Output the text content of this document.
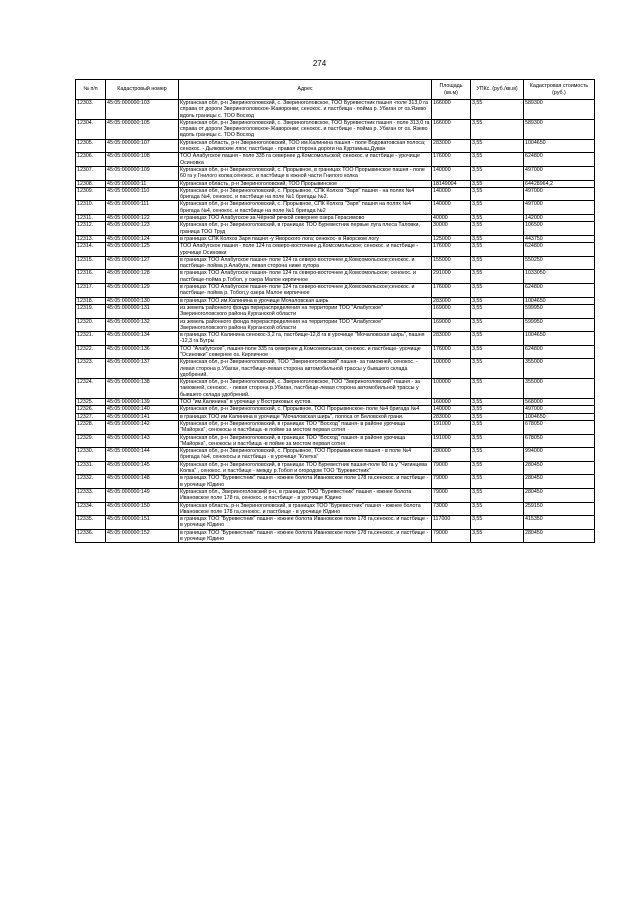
274
№ п/п	Кадастровый номер	Адрес	Площадь (кв.м)	УПКс. (руб./кв.м)	Кадастровая стоимость (руб.)
12303.	45:05:000000:103	Курганская обл, р-н Звериноголовский, с. Звериноголовское, ТОО Буревестник пашня -поле 313,0 га справа от дороги Звериноголовское-Жаворонки; сенокос. и пастбища - пойма р. Убаган от оз.Язево вдоль границы с. ТОО Восход	166000	3,55	589300
12304.	45:05:000000:105	Курганская обл, р-н Звериноголовский, с. Звериноголовское, ТОО Буревестник пашня - поле 313,0 га справа от дороги Звериноголовское-Жаворонки; сенокос. и пастбище - пойма р. Убаган от оз. Язево вдоль границы с. ТОО Восход	166000	3,55	589300
12305.	45:05:000000:107	Курганская область, р-н Звериноголовский, ТОО им.Калинина пашня - поле Водоватовская полоса; сенокос. - Дьяковские ляги; пастбище - правая сторона дороги на Куртамыш,Дуван	283000	3,55	1004650
12306.	45:05:000000:108	ТОО Алабугское пашня - поле 335 га севернее д.Комсомольской; сенокос. и пастбище - урочище Осиновка	176000	3,55	624800
12307.	45:05:000000:109	Курганская обл, р-н Звериноголовский, с. Прорывное, в границах ТОО Прорывинское пашня - поле 60 га у Гнилого колка;сенокос. и пастбище в южной части Гнилого колка	140000	3,55	497000
12308.	45:05:000000:11	Курганская область, р-н Звериноголовский, ТОО Прорывинское	18149004	3,55	64428964,2
12309.	45:05:000000:110	Курганская обл, р-н Звериноголовский, с. Прорывное, СПК Колхоз "Заря" пашня - на полях №4 бригада №4, сенокос. и пастбище на поле №1 бригады №2.	140000	3,55	497000
12310.	45:05:000000:111	Курганская обл, р-н Звериноголовский, с. Прорывное, СПК Колхоз "Заря" пашня на полях №4 бригада №4, сенокос. и пастбище на поле №1 бригада №2	140000	3,55	497000
12311.	45:05:000000:122	в границах ТОО Алабугское за Чёрной речкой севернее озера Герасимово	40000	3,55	142000
12312.	45:05:000000:123	Курганская обл, р-н Звериноголовский, в границах ТОО Буревестник первые луга плеса Таловки, граница ТОО Труд	30000	3,55	106500
12313.	45:05:000000:124	в границах СПК Колхоз Заря пашня -у Яворского лога; сенокос- в Яворском логу	125000	3,55	443750
12314.	45:05:000000:125	ТОО Алабугское пашня - поле 124 га северо-восточнее д.Комсомольское; сенокос. и пастбище - урочище Осиновки	176000	3,55	624800
12315.	45:05:000000:127	в границах ТОО Алабугское пашня- поле 124 га северо-восточнее д.Комсомольское;сенокос. и пастбище- пойма р.Алабуга, левая сторона ниже хутора	155000	3,55	550250
12316.	45:05:000000:128	в границах ТОО Алабугское пашня- поле 124 га северо-восточнее д.Комсомольское; сенокос. и пастбище-пойма р.Тобол, у озера Малое кирпичное	291000	3,55	1033050
12317.	45:05:000000:129	в границах ТОО Алабугское пашня- поле 124 га северо-восточнее д.Комсомольское;сенокос. и пастбище- пойма р. Тобол,у озера Малое кирпичное	176000	3,55	624800
12318.	45:05:000000:130	в границах ТОО им.Калинина в урочище Мочаловская ширь	283000	3,55	1004650
12319.	45:05:000000:131	из земель районного фонда перераспределения на территории ТОО "Алабугское" Звериноголовского района Курганской области	169000	3,55	599950
12320.	45:05:000000:132	из земель районного фонда перераспределения на территории ТОО "Алабугское" Звериноголовского района Курганской области	169000	3,55	599950
12321.	45:05:000000:134	в границах ТОО Калинина сенокос-3,2 га, пастбище-12,8 га в урочище "Мочаловская ширь", пашня -12,3 га Бугры	283000	3,55	1004650
12322.	45:05:000000:136	ТОО "Алабугское", пашня-поле 335 га севернее д.Комсомольская, сенокос. и пастбище- урочище "Осиновки" севернее оз. Кирпичное	176000	3,55	624800
12323.	45:05:000000:137	Курганская обл, р-н Звериноголовский, ТОО "Звериноголовский" пашня- за таможней, сенокос. - левая сторона р.Убаган, пастбище-левая сторона автомобильной трассы у бывшего склада удобрений.	100000	3,55	355000
12324.	45:05:000000:138	Курганская обл, р-н Звериноголовский, с. Звериноголовское, ТОО "Звериноголовский" пашня - за таможней, сенокос. - левая сторона р.Убаган, пастбище-левая сторона автомобильной трассы у бывшего склада удобрений.	100000	3,55	355000
12325.	45:05:000000:139	ТОО "им.Калинина" в урочище у Востриковых кустов.	160000	3,55	568000
12326.	45:05:000000:140	Курганская обл, р-н Звериноголовский, с. Прорывное, ТОО Прорывинское- поле №4 бригада №4	140000	3,55	497000
12327.	45:05:000000:141	в границах ТОО им Калинина в урочище "Мочаловская ширь", полоса от Беловской грани.	283000	3,55	1004650
12328.	45:05:000000:142	Курганская обл, р-н Звериноголовский, в границах ТОО "Восход" пашня- в районе урочища "Майорка", сенокосы и пастбища -в пойме за мостом первая сотня	191000	3,55	678050
12329.	45:05:000000:143	Курганская обл, р-н Звериноголовский, в границах ТОО "Восход" пашня- в районе урочища "Майорка", сенокосы и пастбища -в пойме за мостом первая сотня	191000	3,55	678050
12330.	45:05:000000:144	Курганская обл, р-н Звериноголовский, с. Прорывное, ТОО Прорывинское пашня - в поле №4 бригада №4, сенокосы и пастбища - в урочище "Клетка"	280000	3,55	994000
12331.	45:05:000000:145	Курганская обл, р-н Звериноголовский, в границах ТОО Буревестник пашня-поле 60 га у "Чигинцева Колка" , сенокос. и пастбище - между р.Тобол и огородом ТОО "Буревестник"	79000	3,55	280450
12332.	45:05:000000:148	в границах ТОО "Буревестник" пашня - южнее болота Ивановское поле 178 га,сенокос. и пастбище - в урочище Юдино	79000	3,55	280450
12333.	45:05:000000:149	Курганская обл., Звериноголовский р-н, в границах ТОО "Буревестник" пашня - южнее болота Ивановское поле 178 га, сенокос. и пастбище - в урочище Юдино	79000	3,55	280450
12334.	45:05:000000:150	Курганская область, р-н Звериноголовский, в границах ТОО "Буревестник" пашня - южнее болота Ивановское поле 178 га,сенокос. и пастбище - в урочище Юдино	73000	3,55	259150
12335.	45:05:000000:151	в границах ТОО "Буревестник" пашня - южнее болота Ивановское поле 178 га,сенокос. и пастбище - в урочище Юдино	117000	3,55	415350
12336.	45:05:000000:152	в границах ТОО "Буревестник" пашня - южнее болота Ивановское поле 178 га,сенокос. и пастбище - в урочище Юдино	79000	3,55	280450
